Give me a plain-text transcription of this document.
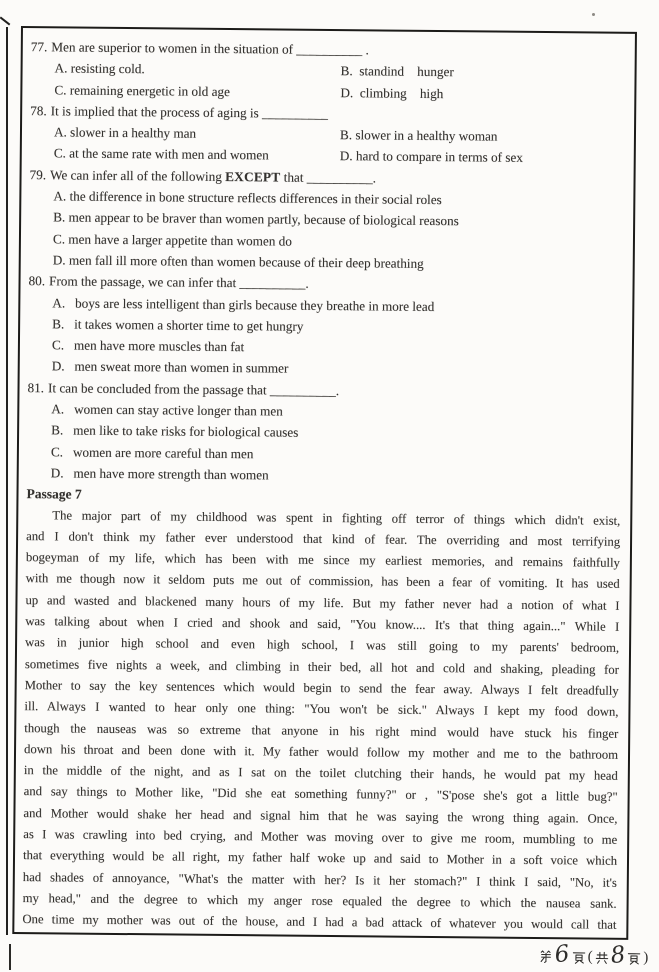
77. Men are superior to women in the situation of __________ .
A. resisting cold.	B.  standind    hunger
C. remaining energetic in old age	D.  climbing    high
78. It is implied that the process of aging is __________
A. slower in a healthy man	B. slower in a healthy woman
C. at the same rate with men and women	D. hard to compare in terms of sex
79. We can infer all of the following EXCEPT that __________.
A. the difference in bone structure reflects differences in their social roles
B. men appear to be braver than women partly, because of biological reasons
C. men have a larger appetite than women do
D. men fall ill more often than women because of their deep breathing
80. From the passage, we can infer that __________.
A.   boys are less intelligent than girls because they breathe in more lead
B.   it takes women a shorter time to get hungry
C.   men have more muscles than fat
D.   men sweat more than women in summer
81. It can be concluded from the passage that __________.
A.   women can stay active longer than men
B.   men like to take risks for biological causes
C.   women are more careful than men
D.   men have more strength than women
Passage 7
The major part of my childhood was spent in fighting off terror of things which didn't exist,
and I don't think my father ever understood that kind of fear. The overriding and most terrifying
bogeyman of my life, which has been with me since my earliest memories, and remains faithfully
with me though now it seldom puts me out of commission, has been a fear of vomiting. It has used
up and wasted and blackened many hours of my life. But my father never had a notion of what I
was talking about when I cried and shook and said, "You know.... It's that thing again..." While I
was in junior high school and even high school, I was still going to my parents' bedroom,
sometimes five nights a week, and climbing in their bed, all hot and cold and shaking, pleading for
Mother to say the key sentences which would begin to send the fear away. Always I felt dreadfully
ill. Always I wanted to hear only one thing: "You won't be sick." Always I kept my food down,
though the nauseas was so extreme that anyone in his right mind would have stuck his finger
down his throat and been done with it. My father would follow my mother and me to the bathroom
in the middle of the night, and as I sat on the toilet clutching their hands, he would pat my head
and say things to Mother like, "Did she eat something funny?" or , "S'pose she's got a little bug?"
and Mother would shake her head and signal him that he was saying the wrong thing again. Once,
as I was crawling into bed crying, and Mother was moving over to give me room, mumbling to me
that everything would be all right, my father half woke up and said to Mother in a soft voice which
had shades of annoyance, "What's the matter with her? Is it her stomach?" I think I said, "No, it's
my head," and the degree to which my anger rose equaled the degree to which the nausea sank.
One time my mother was out of the house, and I had a bad attack of whatever you would call that
6 ( 8 )
